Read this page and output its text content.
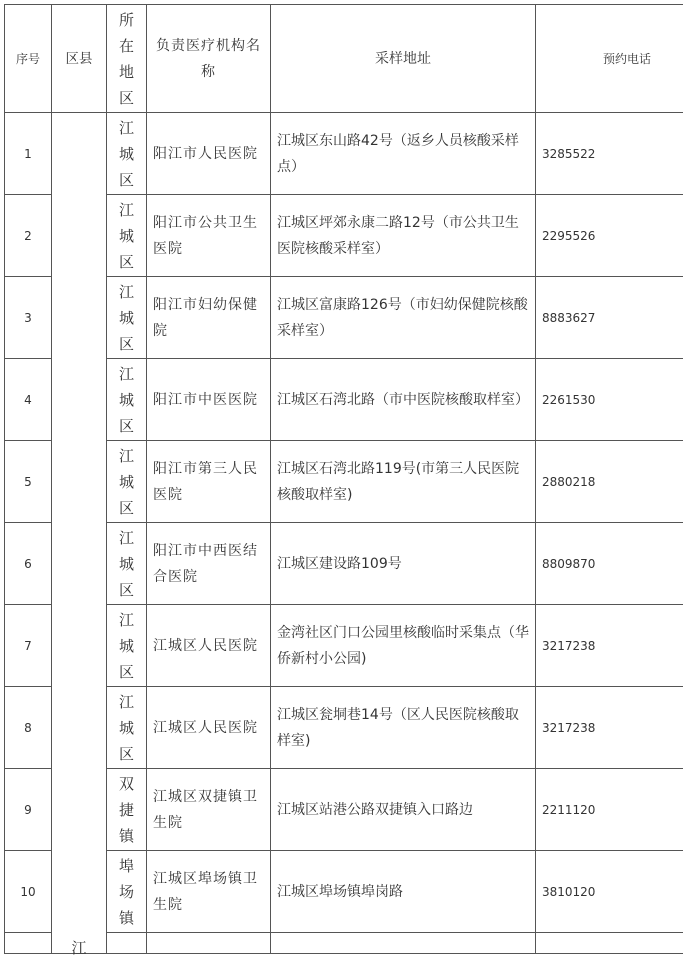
序号	区县	所在地区	负责医疗机构名称	采样地址	预约电话
1	江	江城区	阳江市人民医院	江城区东山路42号（返乡人员核酸采样点）	3285522
2		江城区	阳江市公共卫生医院	江城区坪郊永康二路12号（市公共卫生医院核酸采样室）	2295526
3		江城区	阳江市妇幼保健院	江城区富康路126号（市妇幼保健院核酸采样室）	8883627
4		江城区	阳江市中医医院	江城区石湾北路（市中医院核酸取样室）	2261530
5		江城区	阳江市第三人民医院	江城区石湾北路119号(市第三人民医院核酸取样室)	2880218
6		江城区	阳江市中西医结合医院	江城区建设路109号	8809870
7		江城区	江城区人民医院	金湾社区门口公园里核酸临时采集点（华侨新村小公园)	3217238
8		江城区	江城区人民医院	江城区瓮垌巷14号（区人民医院核酸取样室)	3217238
9		双捷镇	江城区双捷镇卫生院	江城区站港公路双捷镇入口路边	2211120
10		埠场镇	江城区埠场镇卫生院	江城区埠场镇埠岗路	3810120
